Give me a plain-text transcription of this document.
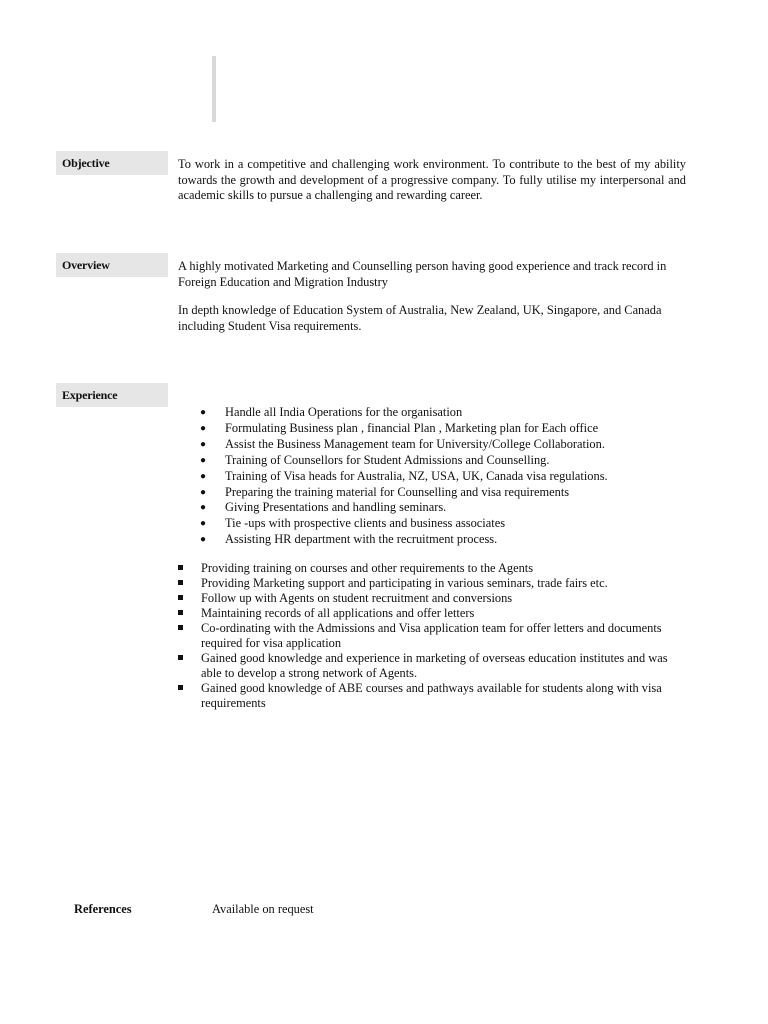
Objective	To work in a competitive and challenging work environment. To contribute to the best of my ability towards the growth and development of a progressive company. To fully utilise my interpersonal and academic skills to pursue a challenging and rewarding career.

Overview	A highly motivated Marketing and Counselling person having good experience and track record in Foreign Education and Migration Industry

In depth knowledge of Education System of Australia, New Zealand, UK, Singapore, and Canada including Student Visa requirements.

Experience
● Handle all India Operations for the organisation
● Formulating Business plan , financial Plan , Marketing plan for Each office
● Assist the Business Management team for University/College Collaboration.
● Training of Counsellors for Student Admissions and Counselling.
● Training of Visa heads for Australia, NZ, USA, UK, Canada visa regulations.
● Preparing the training material for Counselling and visa requirements
● Giving Presentations and handling seminars.
● Tie -ups with prospective clients and business associates
● Assisting HR department with the recruitment process.
Providing training on courses and other requirements to the Agents
Providing Marketing support and participating in various seminars, trade fairs etc.
Follow up with Agents on student recruitment and conversions
Maintaining records of all applications and offer letters
Co-ordinating with the Admissions and Visa application team for offer letters and documents required for visa application
Gained good knowledge and experience in marketing of overseas education institutes and was able to develop a strong network of Agents.
Gained good knowledge of ABE courses and pathways available for students along with visa requirements
References	Available on request
